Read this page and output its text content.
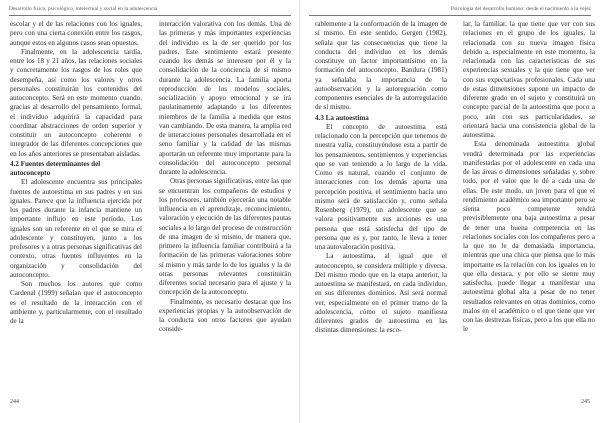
Desarrollo físico, psicológico, intelectual y social en la adolescencia

escolar y el de las relaciones con los iguales, pero con una cierta conexión entre los rasgos, aunque estos en algunos casos sean opuestos.

Finalmente, en la adolescencia tardía, entre los 18 y 21 años, las relaciones sociales y concretamente los rasgos de los roles que desempeña, así como los valores y otros personales constituirán los contenidos del autoconcepto. Será en este momento cuando, gracias al desarrollo del pensamiento formal, el individuo adquirirá la capacidad para coordinar abstracciones de orden superior y constituir un autoconcepto coherente e integrador de las diferentes concepciones que en los años anteriores se presentaban aisladas.

4.2 Fuentes determinantes del autoconcepto

El adolescente encuentra sus principales fuentes de autoestima en sus padres y en sus iguales. Parece que la influencia ejercida por los padres durante la infancia mantiene un importante influjo en este período. Los iguales son un referente en el que se mira el adolescente y constituyen, junto a los profesores y a otras personas significativas del contexto, otras fuentes influyentes en la organización y consolidación del autoconcepto.

Son muchos los autores que como Cardenal (1999) señalan que el autoconcepto es el resultado de la interacción con el ambiente y, particularmente, con el resultado de la

interacción valorativa con los demás. Una de las primeras y más importantes experiencias del individuo es la de ser querido por los padres. Este sentimiento estará presente cuando los demás se interesen por él y la consolidación de la conciencia de sí mismo durante la adolescencia. La familia aporta reproducción de los modelos sociales, socialización y apoyo emocional y se irá paulatinamente adaptando a los diferentes miembros de la familia a medida que estos van cambiando. De esta manera, la amplia red de interacciones personales desarrollada en el seno familiar y la calidad de las mismas aportarán un referente muy importante para la consolidación del autoconcepto personal durante la adolescencia.

Otras personas significativas, entre las que se encuentran los compañeros de estudios y los profesores, también ejercerán una notable influencia en el aprendizaje, reconocimiento, valoración y ejecución de las diferentes pautas sociales a lo largo del proceso de construcción de una imagen de sí mismo, de manera que, primero la influencia familiar contribuirá a la formación de las primeras valoraciones sobre sí mismo y más tarde lo de los iguales y la de otras personas relevantes constituirán diferentes social necesario para el ajuste y la concepción de la autoconcepto.

Finalmente, es necesario destacar que los experiencias propias y la autoobservación de la conducta son otros factores que ayudan conside-

244
Psicología del desarrollo humano: desde el nacimiento a la vejez

rablemente a la conformación de la imagen de sí mismo. En este sentido, Gergen (1982), señala que las consecuencias que tiene la conducta del individuo en los demás constituye un factor importantísimo en la formación del autoconcepto. Bandura (1981) ya señalaba la importancia de la autoobservación y la autoreguación como componentes esenciales de la autorregulación de sí mismo.

4.3 La autoestima

El concepto de autoestima está relacionado con la percepción que tenemos de nuestra valía, constituyéndose esta a partir de los pensamientos, sentimientos y experiencias que se van teniendo a lo largo de la vida. Como es natural, cuando el conjunto de interacciones con los demás aporta una percepción positiva, el sentimiento hacia uno mismo será de satisfacción y, como señala Rosenberg (1979), un adolescente que se valora positivamente sus acciones es una persona que está satisfecha del tipo de persona que es y, por tanto, le lleva a tener una autovaloración positiva.

La autoestima, al igual que el autoconcepto, se considera múltiple y diversa. Del mismo modo que en la etapa anterior, la autoestima se manifestará, en cada individuo, en sus diferentes dominios. Así será normal ver, especialmente en el primer tramo de la adolescencia, cómo el sujeto manifiesta diferentes grados de autoestima en las distintas dimensiones: la esco-

lar, la familiar, la que tiene que ver con sus relaciones en el grupo de los iguales, la relacionada con su nueva imagen física debido a, especialmente en este momento, la relacionada con las características de sus experiencias sexuales y la que tiene que ver con sus expectativas profesionales. Cada una de estas dimensiones supone un impacto de diferente grado en el sujeto y constituirá un concepto parcial de la autoestima que poco a poco, aún con sus particularidades, se orientará hacia una consistencia global de la autoestima.

Esta denominada autoestima global vendrá determinada por las experiencias manifestadas por el adolescente en cada una de las áreas o dimensiones señaladas y, sobre todo, por el valor que le dé a cada una de ellas. De este modo, un joven para el que el rendimiento académico sea importante pero se sienta poco competente tendrá previsiblemente una baja autoestima a pesar de tener una buena competencia en las relaciones sociales con los compañeros pero a la que no le da demasiada importancia, mientras que una chica que piensa que lo más importante es la relación con los iguales en lo que ella destaca, y por ello se siente muy satisfecha, puede llegar a manifestar una autoestima global alta a pesar de no tener resultados relevantes en otras dominios, como malos en el académico o el que tiene que ver con las destrezas físicas, pero a los que ella no le

245
